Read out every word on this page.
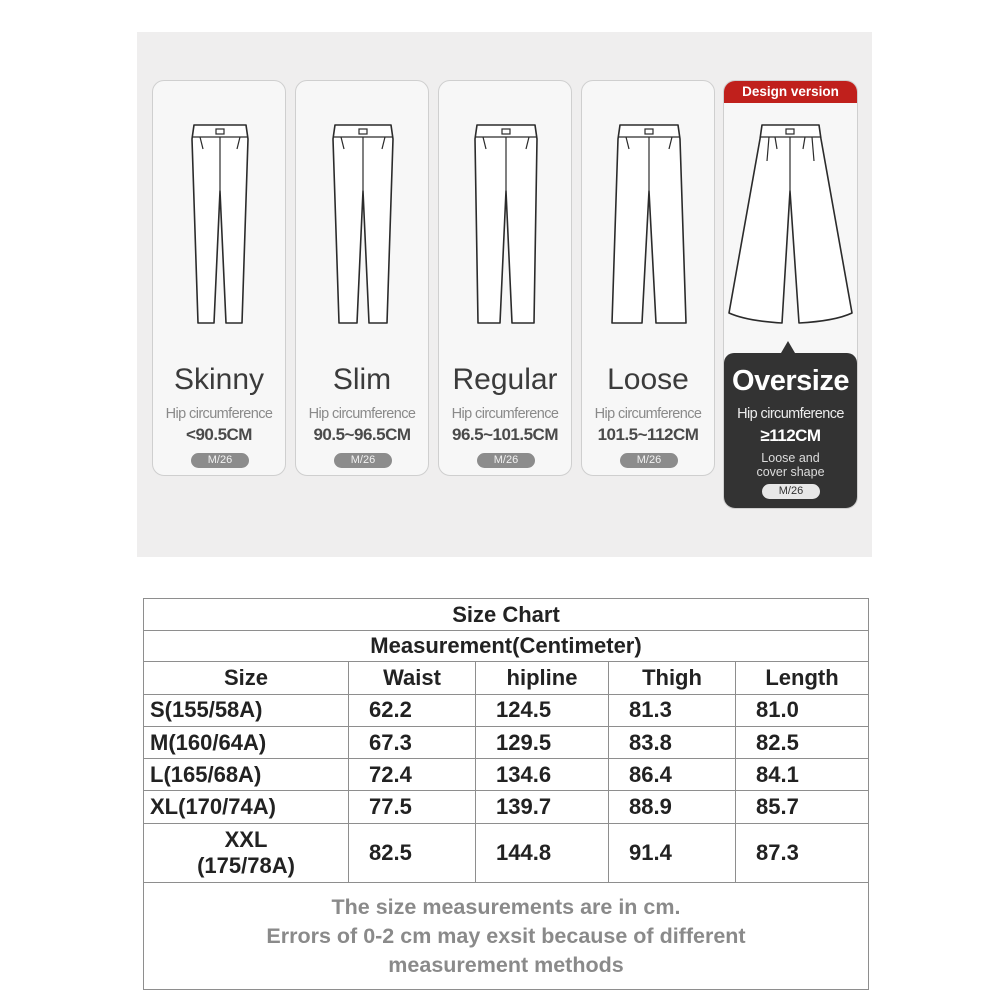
Skinny
Hip circumference
<90.5CM
M/26
Slim
Hip circumference
90.5~96.5CM
M/26
Regular
Hip circumference
96.5~101.5CM
M/26
Loose
Hip circumference
101.5~112CM
M/26
Design version
Oversize
Hip circumference
≥112CM
Loose and
cover shape
M/26
Size Chart				
Measurement(Centimeter)				
Size	Waist	hipline	Thigh	Length
S(155/58A)	62.2	124.5	81.3	81.0
M(160/64A)	67.3	129.5	83.8	82.5
L(165/68A)	72.4	134.6	86.4	84.1
XL(170/74A)	77.5	139.7	88.9	85.7

XXL
(175/78A)	82.5	144.8	91.4	87.3

The size measurements are in cm.
Errors of 0-2 cm may exsit because of different
measurement methods				
